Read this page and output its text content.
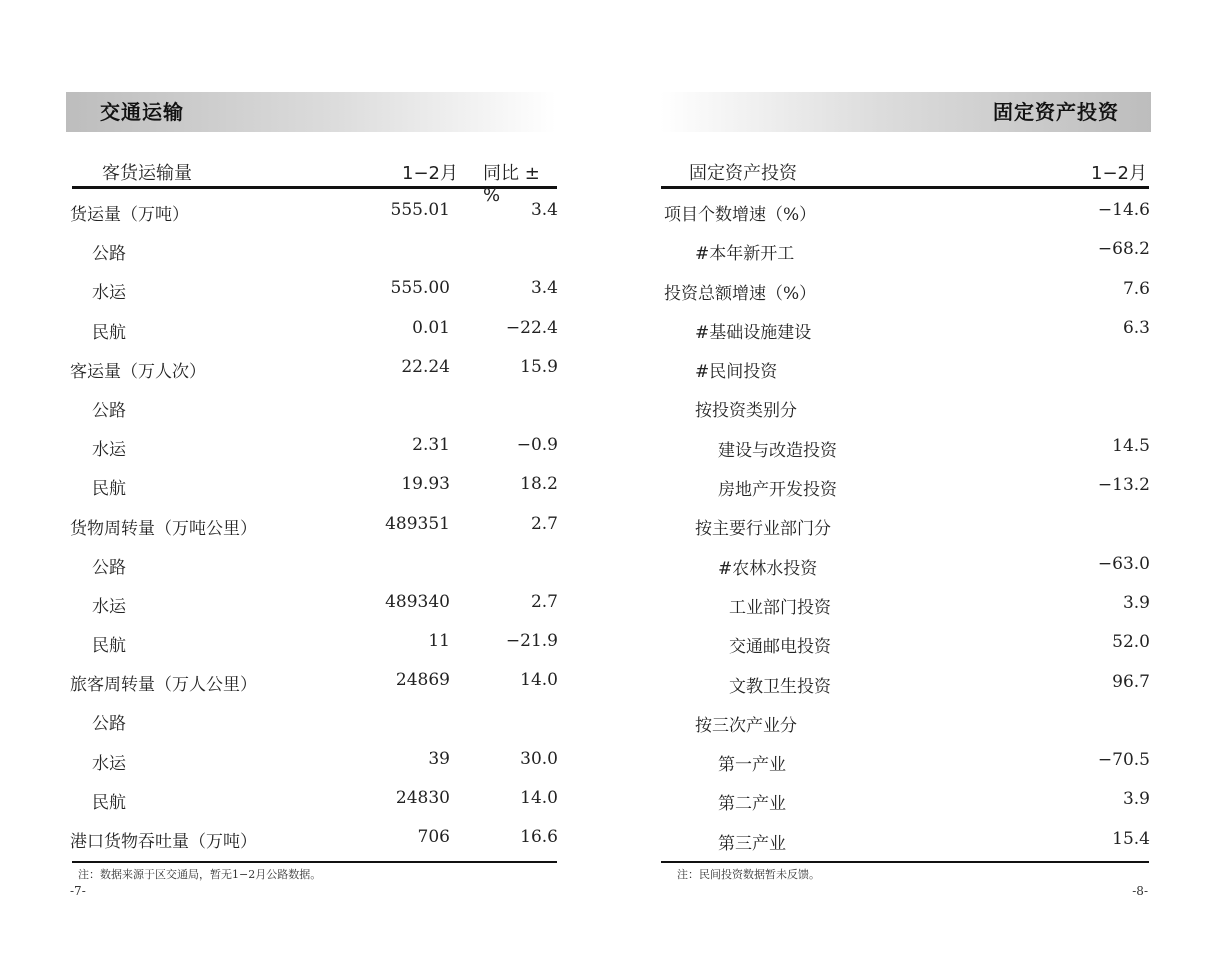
交通运输
客货运输量	1−2月 同比 ± %
货运量（万吨）	555.01	3.4
公路
水运	555.00	3.4
民航	0.01	−22.4
客运量（万人次）	22.24	15.9
公路
水运	2.31	−0.9
民航	19.93	18.2
货物周转量（万吨公里）	489351	2.7
公路
水运	489340	2.7
民航	11	−21.9
旅客周转量（万人公里）	24869	14.0
公路
水运	39	30.0
民航	24830	14.0
港口货物吞吐量（万吨）	706	16.6
注：数据来源于区交通局，暂无1−2月公路数据。
-7-
固定资产投资
固定资产投资	1−2月
项目个数增速（%）	−14.6
#本年新开工	−68.2
投资总额增速（%）	7.6
#基础设施建设	6.3
#民间投资
按投资类别分
建设与改造投资	14.5
房地产开发投资	−13.2
按主要行业部门分
#农林水投资	−63.0
工业部门投资	3.9
交通邮电投资	52.0
文教卫生投资	96.7
按三次产业分
第一产业	−70.5
第二产业	3.9
第三产业	15.4
注：民间投资数据暂未反馈。
-8-
